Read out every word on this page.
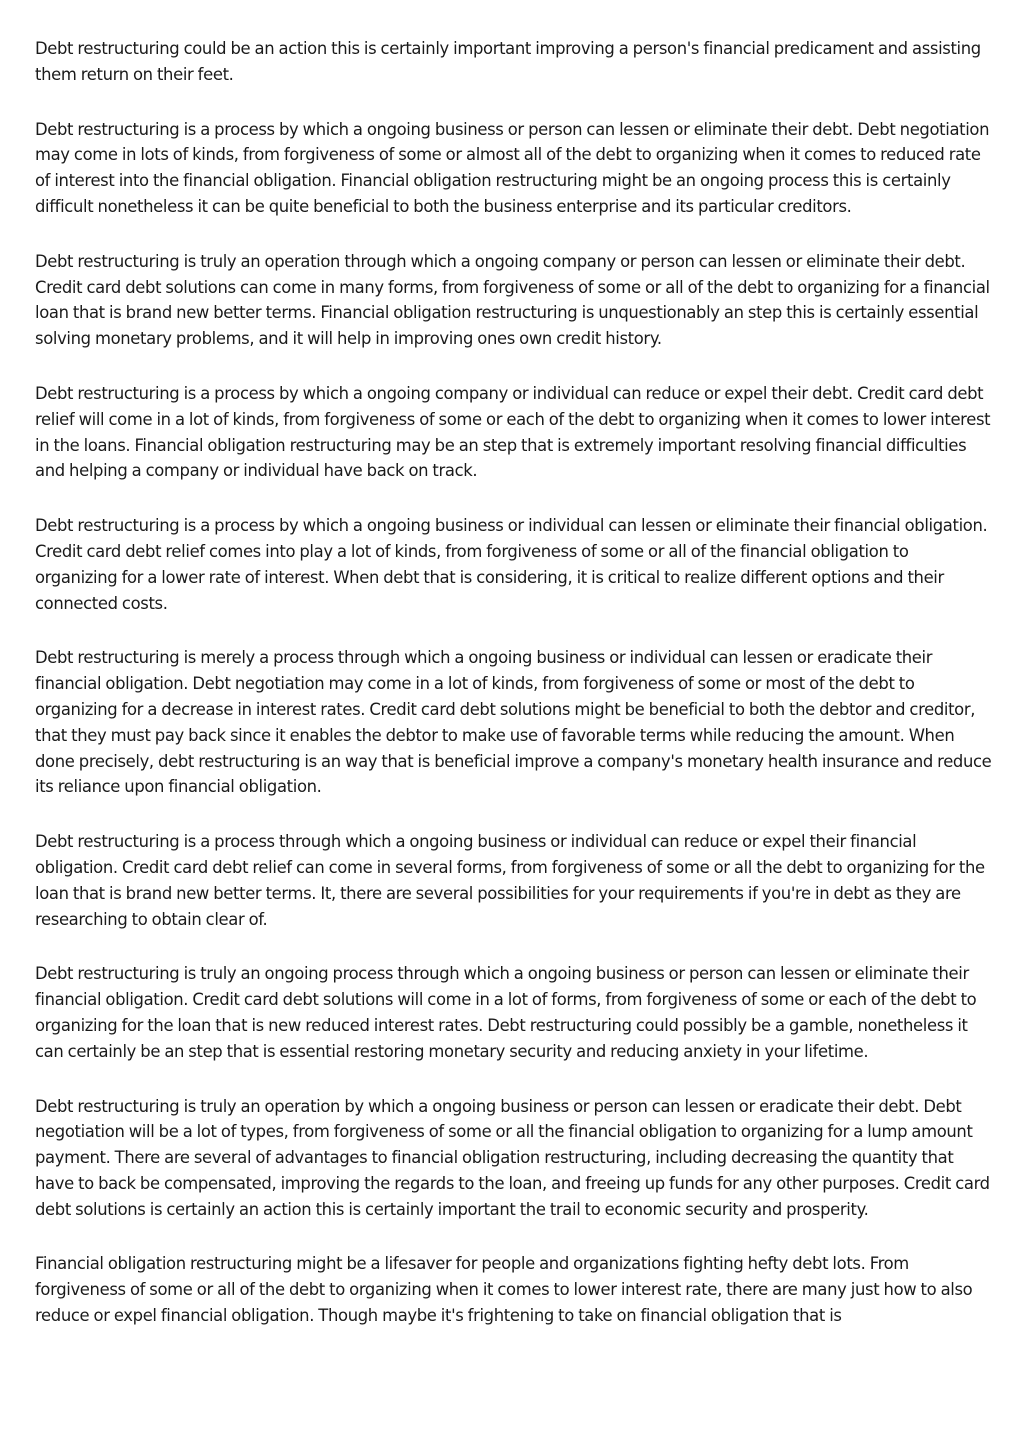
Debt restructuring could be an action this is certainly important improving a person's financial predicament and assisting them return on their feet.

Debt restructuring is a process by which a ongoing business or person can lessen or eliminate their debt. Debt negotiation may come in lots of kinds, from forgiveness of some or almost all of the debt to organizing when it comes to reduced rate of interest into the financial obligation. Financial obligation restructuring might be an ongoing process this is certainly difficult nonetheless it can be quite beneficial to both the business enterprise and its particular creditors.

Debt restructuring is truly an operation through which a ongoing company or person can lessen or eliminate their debt. Credit card debt solutions can come in many forms, from forgiveness of some or all of the debt to organizing for a financial loan that is brand new better terms. Financial obligation restructuring is unquestionably an step this is certainly essential solving monetary problems, and it will help in improving ones own credit history.

Debt restructuring is a process by which a ongoing company or individual can reduce or expel their debt. Credit card debt relief will come in a lot of kinds, from forgiveness of some or each of the debt to organizing when it comes to lower interest in the loans. Financial obligation restructuring may be an step that is extremely important resolving financial difficulties and helping a company or individual have back on track.

Debt restructuring is a process by which a ongoing business or individual can lessen or eliminate their financial obligation. Credit card debt relief comes into play a lot of kinds, from forgiveness of some or all of the financial obligation to organizing for a lower rate of interest. When debt that is considering, it is critical to realize different options and their connected costs.

Debt restructuring is merely a process through which a ongoing business or individual can lessen or eradicate their financial obligation. Debt negotiation may come in a lot of kinds, from forgiveness of some or most of the debt to organizing for a decrease in interest rates. Credit card debt solutions might be beneficial to both the debtor and creditor, that they must pay back since it enables the debtor to make use of favorable terms while reducing the amount. When done precisely, debt restructuring is an way that is beneficial improve a company's monetary health insurance and reduce its reliance upon financial obligation.

Debt restructuring is a process through which a ongoing business or individual can reduce or expel their financial obligation. Credit card debt relief can come in several forms, from forgiveness of some or all the debt to organizing for the loan that is brand new better terms. It, there are several possibilities for your requirements if you're in debt as they are researching to obtain clear of.

Debt restructuring is truly an ongoing process through which a ongoing business or person can lessen or eliminate their financial obligation. Credit card debt solutions will come in a lot of forms, from forgiveness of some or each of the debt to organizing for the loan that is new reduced interest rates. Debt restructuring could possibly be a gamble, nonetheless it can certainly be an step that is essential restoring monetary security and reducing anxiety in your lifetime.

Debt restructuring is truly an operation by which a ongoing business or person can lessen or eradicate their debt. Debt negotiation will be a lot of types, from forgiveness of some or all the financial obligation to organizing for a lump amount payment. There are several of advantages to financial obligation restructuring, including decreasing the quantity that have to back be compensated, improving the regards to the loan, and freeing up funds for any other purposes. Credit card debt solutions is certainly an action this is certainly important the trail to economic security and prosperity.

Financial obligation restructuring might be a lifesaver for people and organizations fighting hefty debt lots. From forgiveness of some or all of the debt to organizing when it comes to lower interest rate, there are many just how to also reduce or expel financial obligation. Though maybe it's frightening to take on financial obligation that is
